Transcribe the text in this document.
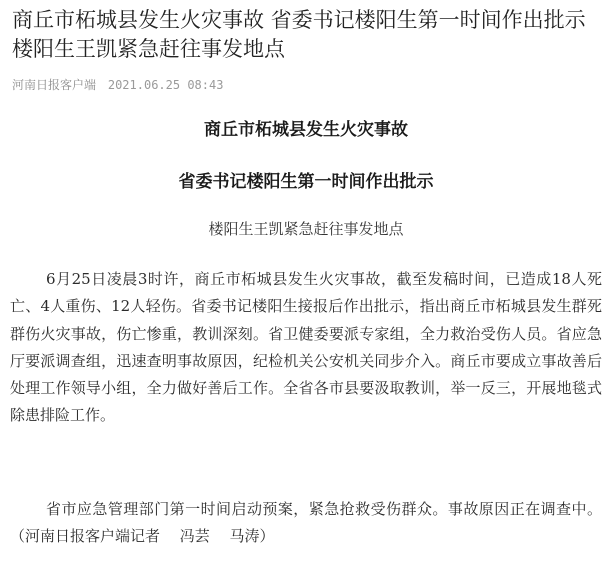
商丘市柘城县发生火灾事故 省委书记楼阳生第一时间作出批示 楼阳生王凯紧急赶往事发地点
河南日报客户端 2021.06.25 08:43
商丘市柘城县发生火灾事故
省委书记楼阳生第一时间作出批示
楼阳生王凯紧急赶往事发地点

6月25日凌晨3时许，商丘市柘城县发生火灾事故，截至发稿时间，已造成18人死亡、4人重伤、12人轻伤。省委书记楼阳生接报后作出批示，指出商丘市柘城县发生群死群伤火灾事故，伤亡惨重，教训深刻。省卫健委要派专家组，全力救治受伤人员。省应急厅要派调查组，迅速查明事故原因，纪检机关公安机关同步介入。商丘市要成立事故善后处理工作领导小组，全力做好善后工作。全省各市县要汲取教训，举一反三，开展地毯式除患排险工作。

省市应急管理部门第一时间启动预案，紧急抢救受伤群众。事故原因正在调查中。（河南日报客户端记者　 冯芸　 马涛）
